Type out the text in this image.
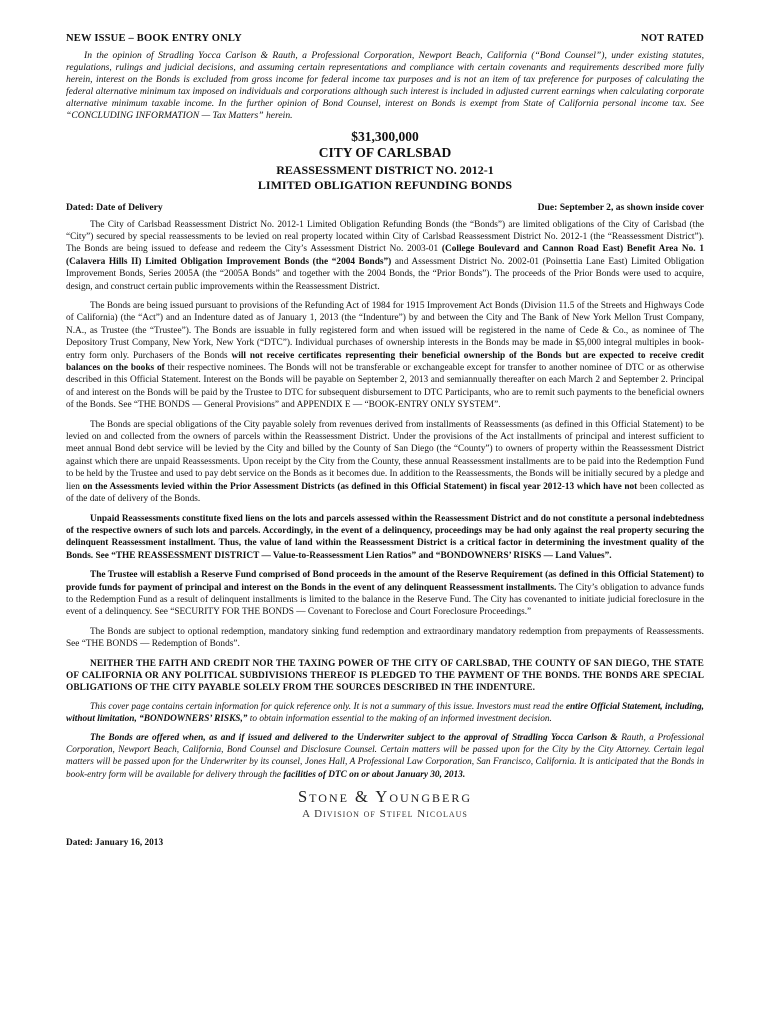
NEW ISSUE – BOOK ENTRY ONLY	NOT RATED

In the opinion of Stradling Yocca Carlson & Rauth, a Professional Corporation, Newport Beach, California (“Bond Counsel”), under existing statutes, regulations, rulings and judicial decisions, and assuming certain representations and compliance with certain covenants and requirements described more fully herein, interest on the Bonds is excluded from gross income for federal income tax purposes and is not an item of tax preference for purposes of calculating the federal alternative minimum tax imposed on individuals and corporations although such interest is included in adjusted current earnings when calculating corporate alternative minimum taxable income. In the further opinion of Bond Counsel, interest on Bonds is exempt from State of California personal income tax. See “CONCLUDING INFORMATION — Tax Matters” herein.

$31,300,000
CITY OF CARLSBAD
REASSESSMENT DISTRICT NO. 2012-1
LIMITED OBLIGATION REFUNDING BONDS
Dated: Date of Delivery	Due: September 2, as shown inside cover

The City of Carlsbad Reassessment District No. 2012-1 Limited Obligation Refunding Bonds (the “Bonds”) are limited obligations of the City of Carlsbad (the “City”) secured by special reassessments to be levied on real property located within City of Carlsbad Reassessment District No. 2012-1 (the “Reassessment District”). The Bonds are being issued to defease and redeem the City’s Assessment District No. 2003-01 (College Boulevard and Cannon Road East) Benefit Area No. 1 (Calavera Hills II) Limited Obligation Improvement Bonds (the “2004 Bonds”) and Assessment District No. 2002-01 (Poinsettia Lane East) Limited Obligation Improvement Bonds, Series 2005A (the “2005A Bonds” and together with the 2004 Bonds, the “Prior Bonds”). The proceeds of the Prior Bonds were used to acquire, design, and construct certain public improvements within the Reassessment District.

The Bonds are being issued pursuant to provisions of the Refunding Act of 1984 for 1915 Improvement Act Bonds (Division 11.5 of the Streets and Highways Code of California) (the “Act”) and an Indenture dated as of January 1, 2013 (the “Indenture”) by and between the City and The Bank of New York Mellon Trust Company, N.A., as Trustee (the “Trustee”). The Bonds are issuable in fully registered form and when issued will be registered in the name of Cede & Co., as nominee of The Depository Trust Company, New York, New York (“DTC”). Individual purchases of ownership interests in the Bonds may be made in $5,000 integral multiples in book-entry form only. Purchasers of the Bonds will not receive certificates representing their beneficial ownership of the Bonds but are expected to receive credit balances on the books of their respective nominees. The Bonds will not be transferable or exchangeable except for transfer to another nominee of DTC or as otherwise described in this Official Statement. Interest on the Bonds will be payable on September 2, 2013 and semiannually thereafter on each March 2 and September 2. Principal of and interest on the Bonds will be paid by the Trustee to DTC for subsequent disbursement to DTC Participants, who are to remit such payments to the beneficial owners of the Bonds. See “THE BONDS — General Provisions” and APPENDIX E — “BOOK-ENTRY ONLY SYSTEM”.

The Bonds are special obligations of the City payable solely from revenues derived from installments of Reassessments (as defined in this Official Statement) to be levied on and collected from the owners of parcels within the Reassessment District. Under the provisions of the Act installments of principal and interest sufficient to meet annual Bond debt service will be levied by the City and billed by the County of San Diego (the “County”) to owners of property within the Reassessment District against which there are unpaid Reassessments. Upon receipt by the City from the County, these annual Reassessment installments are to be paid into the Redemption Fund to be held by the Trustee and used to pay debt service on the Bonds as it becomes due. In addition to the Reassessments, the Bonds will be initially secured by a pledge and lien on the Assessments levied within the Prior Assessment Districts (as defined in this Official Statement) in fiscal year 2012-13 which have not been collected as of the date of delivery of the Bonds.

Unpaid Reassessments constitute fixed liens on the lots and parcels assessed within the Reassessment District and do not constitute a personal indebtedness of the respective owners of such lots and parcels. Accordingly, in the event of a delinquency, proceedings may be had only against the real property securing the delinquent Reassessment installment. Thus, the value of land within the Reassessment District is a critical factor in determining the investment quality of the Bonds. See “THE REASSESSMENT DISTRICT — Value-to-Reassessment Lien Ratios” and “BONDOWNERS’ RISKS — Land Values”.

The Trustee will establish a Reserve Fund comprised of Bond proceeds in the amount of the Reserve Requirement (as defined in this Official Statement) to provide funds for payment of principal and interest on the Bonds in the event of any delinquent Reassessment installments. The City’s obligation to advance funds to the Redemption Fund as a result of delinquent installments is limited to the balance in the Reserve Fund. The City has covenanted to initiate judicial foreclosure in the event of a delinquency. See “SECURITY FOR THE BONDS — Covenant to Foreclose and Court Foreclosure Proceedings.”

The Bonds are subject to optional redemption, mandatory sinking fund redemption and extraordinary mandatory redemption from prepayments of Reassessments. See “THE BONDS — Redemption of Bonds”.

NEITHER THE FAITH AND CREDIT NOR THE TAXING POWER OF THE CITY OF CARLSBAD, THE COUNTY OF SAN DIEGO, THE STATE OF CALIFORNIA OR ANY POLITICAL SUBDIVISIONS THEREOF IS PLEDGED TO THE PAYMENT OF THE BONDS. THE BONDS ARE SPECIAL OBLIGATIONS OF THE CITY PAYABLE SOLELY FROM THE SOURCES DESCRIBED IN THE INDENTURE.

This cover page contains certain information for quick reference only. It is not a summary of this issue. Investors must read the entire Official Statement, including, without limitation, “BONDOWNERS’ RISKS,” to obtain information essential to the making of an informed investment decision.

The Bonds are offered when, as and if issued and delivered to the Underwriter subject to the approval of Stradling Yocca Carlson & Rauth, a Professional Corporation, Newport Beach, California, Bond Counsel and Disclosure Counsel. Certain matters will be passed upon for the City by the City Attorney. Certain legal matters will be passed upon for the Underwriter by its counsel, Jones Hall, A Professional Law Corporation, San Francisco, California. It is anticipated that the Bonds in book-entry form will be available for delivery through the facilities of DTC on or about January 30, 2013.

Stone & Youngberg
A Division of Stifel Nicolaus
Dated: January 16, 2013
